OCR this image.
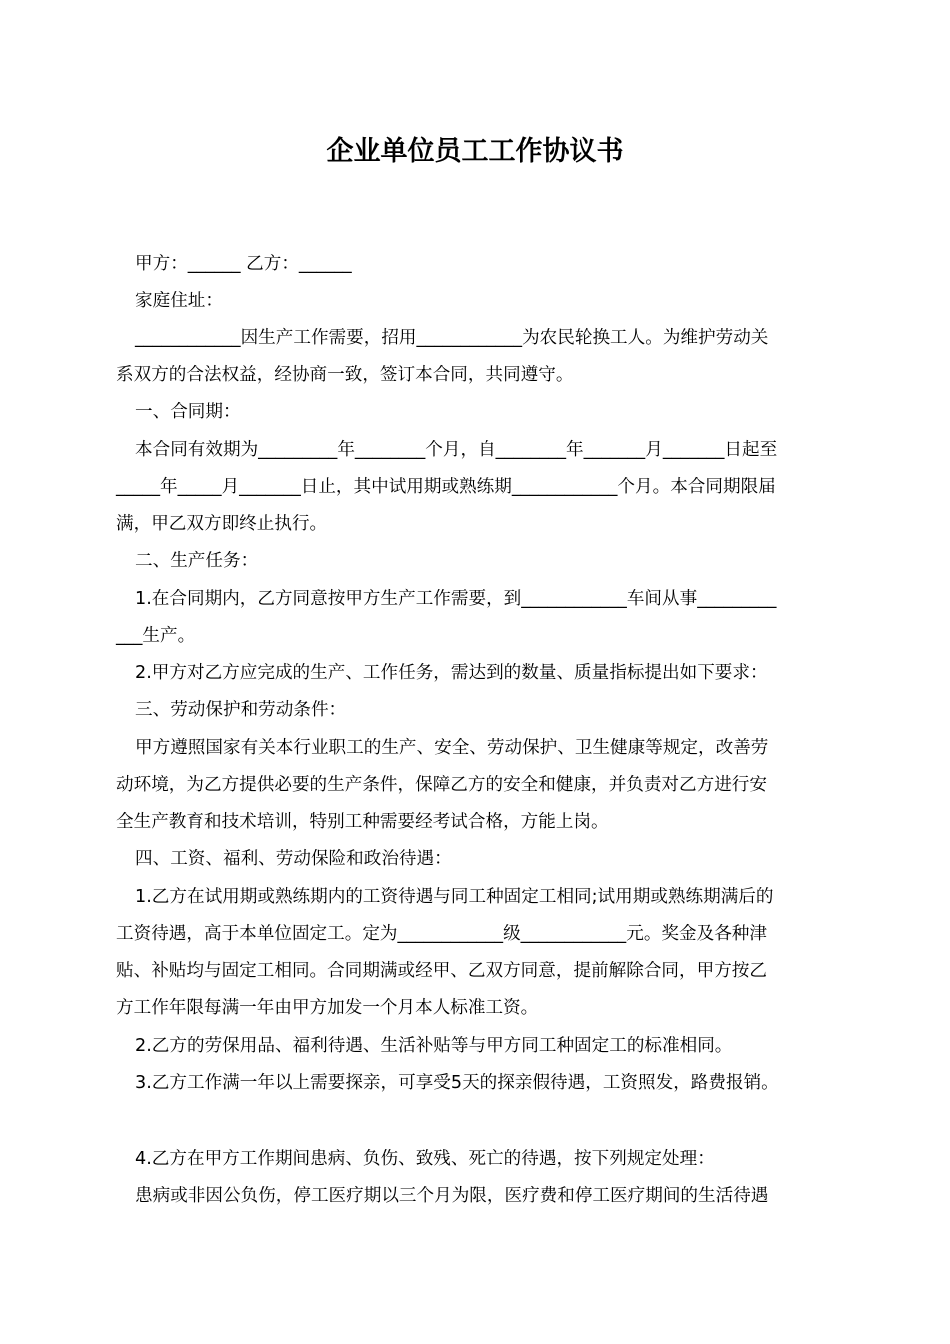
企业单位员工工作协议书

甲方：______ 乙方：______

家庭住址：

____________因生产工作需要，招用____________为农民轮换工人。为维护劳动关

系双方的合法权益，经协商一致，签订本合同，共同遵守。

一、合同期：

本合同有效期为_________年________个月，自________年_______月_______日起至

_____年_____月_______日止，其中试用期或熟练期____________个月。本合同期限届

满，甲乙双方即终止执行。

二、生产任务：

1.在合同期内，乙方同意按甲方生产工作需要，到____________车间从事_________

___生产。

2.甲方对乙方应完成的生产、工作任务，需达到的数量、质量指标提出如下要求：

三、劳动保护和劳动条件：

甲方遵照国家有关本行业职工的生产、安全、劳动保护、卫生健康等规定，改善劳

动环境，为乙方提供必要的生产条件，保障乙方的安全和健康，并负责对乙方进行安

全生产教育和技术培训，特别工种需要经考试合格，方能上岗。

四、工资、福利、劳动保险和政治待遇：

1.乙方在试用期或熟练期内的工资待遇与同工种固定工相同;试用期或熟练期满后的

工资待遇，高于本单位固定工。定为____________级____________元。奖金及各种津

贴、补贴均与固定工相同。合同期满或经甲、乙双方同意，提前解除合同，甲方按乙

方工作年限每满一年由甲方加发一个月本人标准工资。

2.乙方的劳保用品、福利待遇、生活补贴等与甲方同工种固定工的标准相同。

3.乙方工作满一年以上需要探亲，可享受5天的探亲假待遇，工资照发，路费报销。

4.乙方在甲方工作期间患病、负伤、致残、死亡的待遇，按下列规定处理：

患病或非因公负伤，停工医疗期以三个月为限，医疗费和停工医疗期间的生活待遇
